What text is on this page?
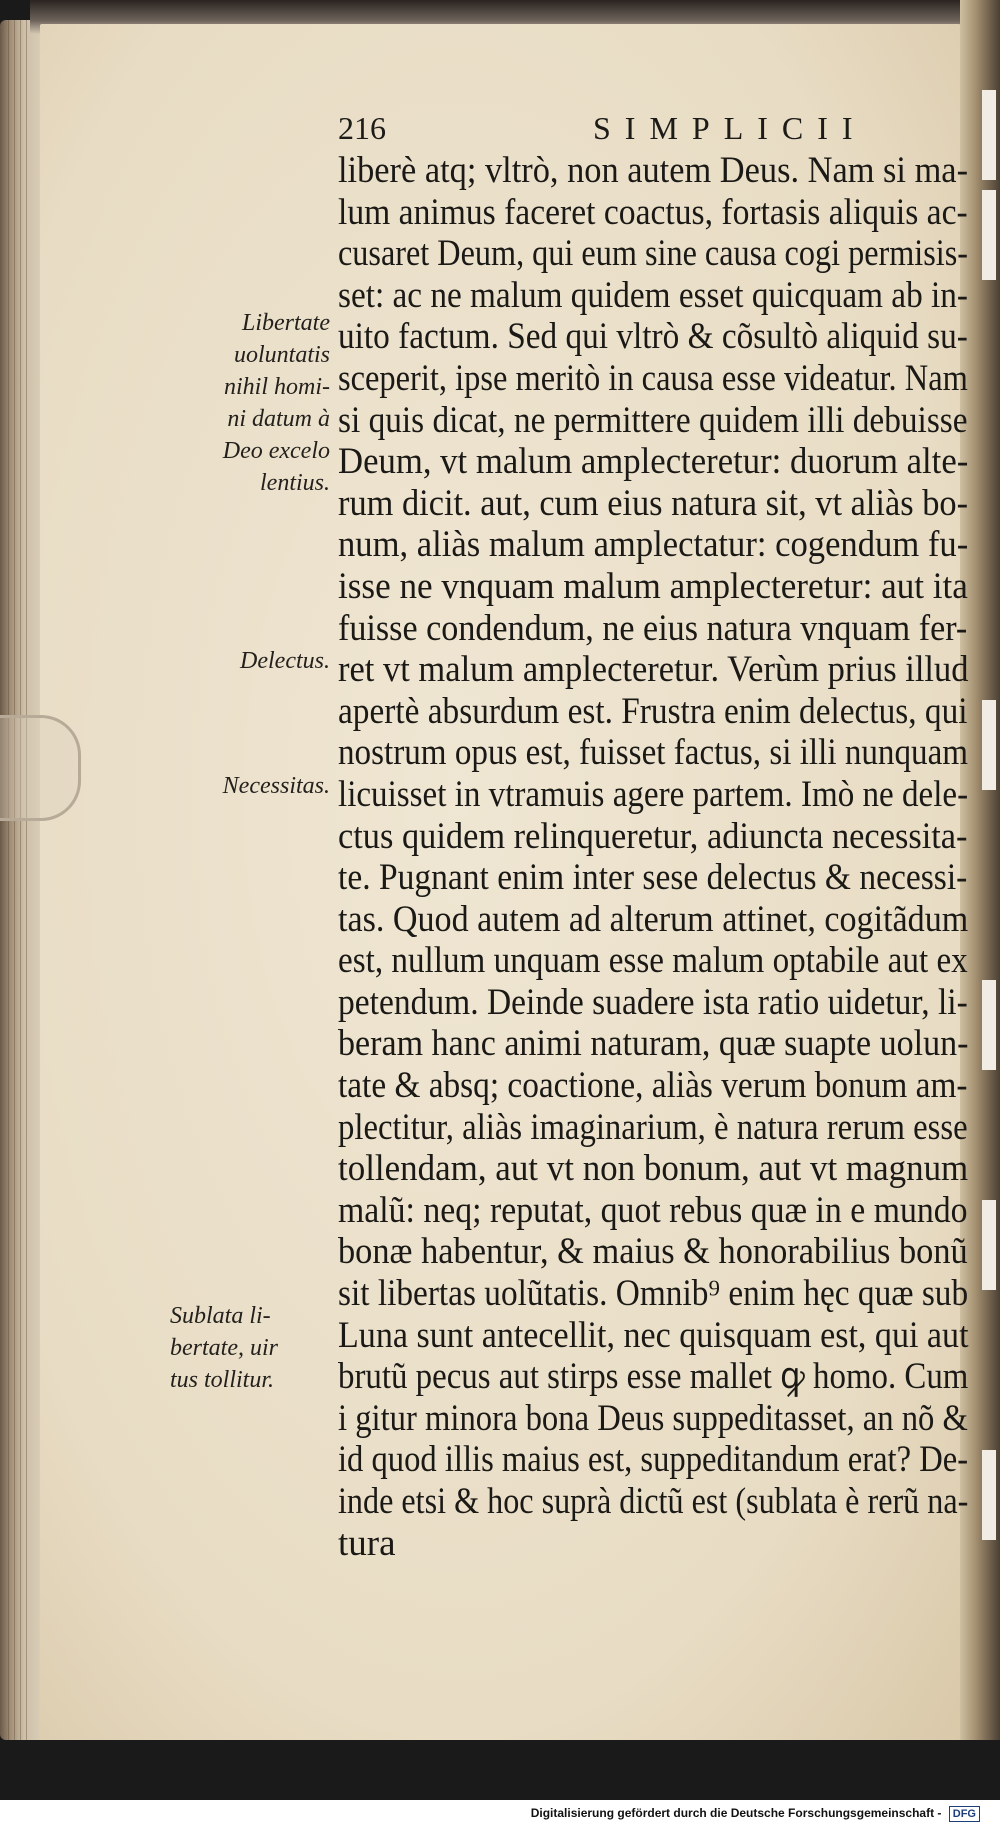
216	SIMPLICII
liberè atq; vltrò, non autem Deus. Nam si ma-
lum animus faceret coactus, fortasis aliquis ac-
cusaret Deum, qui eum sine causa cogi permisis-
set: ac ne malum quidem esset quicquam ab in-
uito factum. Sed qui vltrò & cõsultò aliquid su-
sceperit, ipse meritò in causa esse videatur. Nam
si quis dicat, ne permittere quidem illi debuisse
Deum, vt malum amplecteretur: duorum alte-
rum dicit. aut, cum eius natura sit, vt aliàs bo-
num, aliàs malum amplectatur: cogendum fu-
isse ne vnquam malum amplecteretur: aut ita
fuisse condendum, ne eius natura vnquam fer-
ret vt malum amplecteretur. Verùm prius illud
apertè absurdum est. Frustra enim delectus, qui
nostrum opus est, fuisset factus, si illi nunquam
licuisset in vtramuis agere partem. Imò ne dele-
ctus quidem relinqueretur, adiuncta necessita-
te. Pugnant enim inter sese delectus & necessi-
tas. Quod autem ad alterum attinet, cogitãdum
est, nullum unquam esse malum optabile aut ex
petendum. Deinde suadere ista ratio uidetur, li-
beram hanc animi naturam, quæ suapte uolun-
tate & absq; coactione, aliàs verum bonum am-
plectitur, aliàs imaginarium, è natura rerum esse
tollendam, aut vt non bonum, aut vt magnum
malũ: neq; reputat, quot rebus quæ in e mundo
bonæ habentur, & maius & honorabilius bonũ
sit libertas uolũtatis. Omnib⁹ enim hęc quæ sub
Luna sunt antecellit, nec quisquam est, qui aut
brutũ pecus aut stirps esse mallet ꝙ homo. Cum
i gitur minora bona Deus suppeditasset, an nõ &
id quod illis maius est, suppeditandum erat? De-
inde etsi & hoc suprà dictũ est (sublata è rerũ na-
tura
Libertate
uoluntatis
nihil homi-
ni datum à
Deo excelo
lentius.
Delectus.
Necessitas.
Sublata li-
bertate, uir
tus tollitur.
Digitalisierung gefördert durch die Deutsche Forschungsgemeinschaft - DFG
